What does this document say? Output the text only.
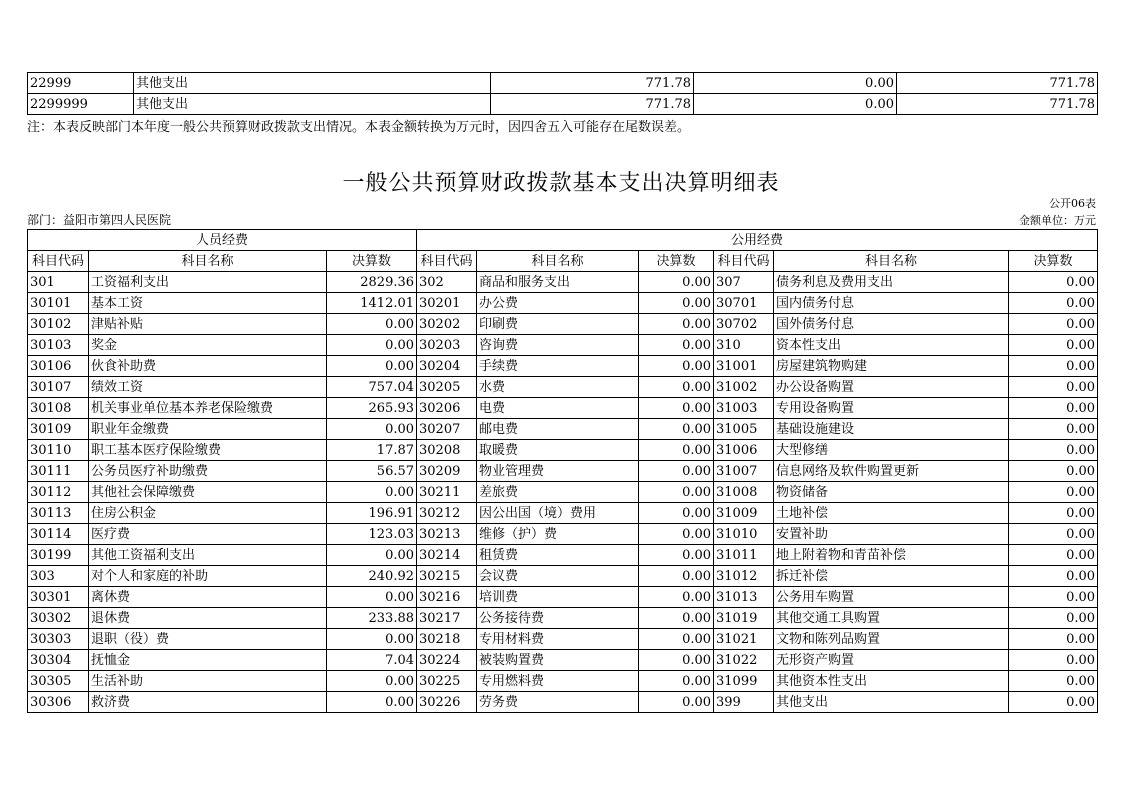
22999	其他支出	771.78	0.00	771.78
2299999	其他支出	771.78	0.00	771.78
注：本表反映部门本年度一般公共预算财政拨款支出情况。本表金额转换为万元时，因四舍五入可能存在尾数误差。
一般公共预算财政拨款基本支出决算明细表
公开06表
部门：益阳市第四人民医院	金额单位：万元
人员经费			公用经费					
科目代码	科目名称	决算数	科目代码	科目名称	决算数	科目代码	科目名称	决算数
301	工资福利支出	2829.36	302	商品和服务支出	0.00	307	债务利息及费用支出	0.00
30101	基本工资	1412.01	30201	办公费	0.00	30701	国内债务付息	0.00
30102	津贴补贴	0.00	30202	印刷费	0.00	30702	国外债务付息	0.00
30103	奖金	0.00	30203	咨询费	0.00	310	资本性支出	0.00
30106	伙食补助费	0.00	30204	手续费	0.00	31001	房屋建筑物购建	0.00
30107	绩效工资	757.04	30205	水费	0.00	31002	办公设备购置	0.00
30108	机关事业单位基本养老保险缴费	265.93	30206	电费	0.00	31003	专用设备购置	0.00
30109	职业年金缴费	0.00	30207	邮电费	0.00	31005	基础设施建设	0.00
30110	职工基本医疗保险缴费	17.87	30208	取暖费	0.00	31006	大型修缮	0.00
30111	公务员医疗补助缴费	56.57	30209	物业管理费	0.00	31007	信息网络及软件购置更新	0.00
30112	其他社会保障缴费	0.00	30211	差旅费	0.00	31008	物资储备	0.00
30113	住房公积金	196.91	30212	因公出国（境）费用	0.00	31009	土地补偿	0.00
30114	医疗费	123.03	30213	维修（护）费	0.00	31010	安置补助	0.00
30199	其他工资福利支出	0.00	30214	租赁费	0.00	31011	地上附着物和青苗补偿	0.00
303	对个人和家庭的补助	240.92	30215	会议费	0.00	31012	拆迁补偿	0.00
30301	离休费	0.00	30216	培训费	0.00	31013	公务用车购置	0.00
30302	退休费	233.88	30217	公务接待费	0.00	31019	其他交通工具购置	0.00
30303	退职（役）费	0.00	30218	专用材料费	0.00	31021	文物和陈列品购置	0.00
30304	抚恤金	7.04	30224	被装购置费	0.00	31022	无形资产购置	0.00
30305	生活补助	0.00	30225	专用燃料费	0.00	31099	其他资本性支出	0.00
30306	救济费	0.00	30226	劳务费	0.00	399	其他支出	0.00
